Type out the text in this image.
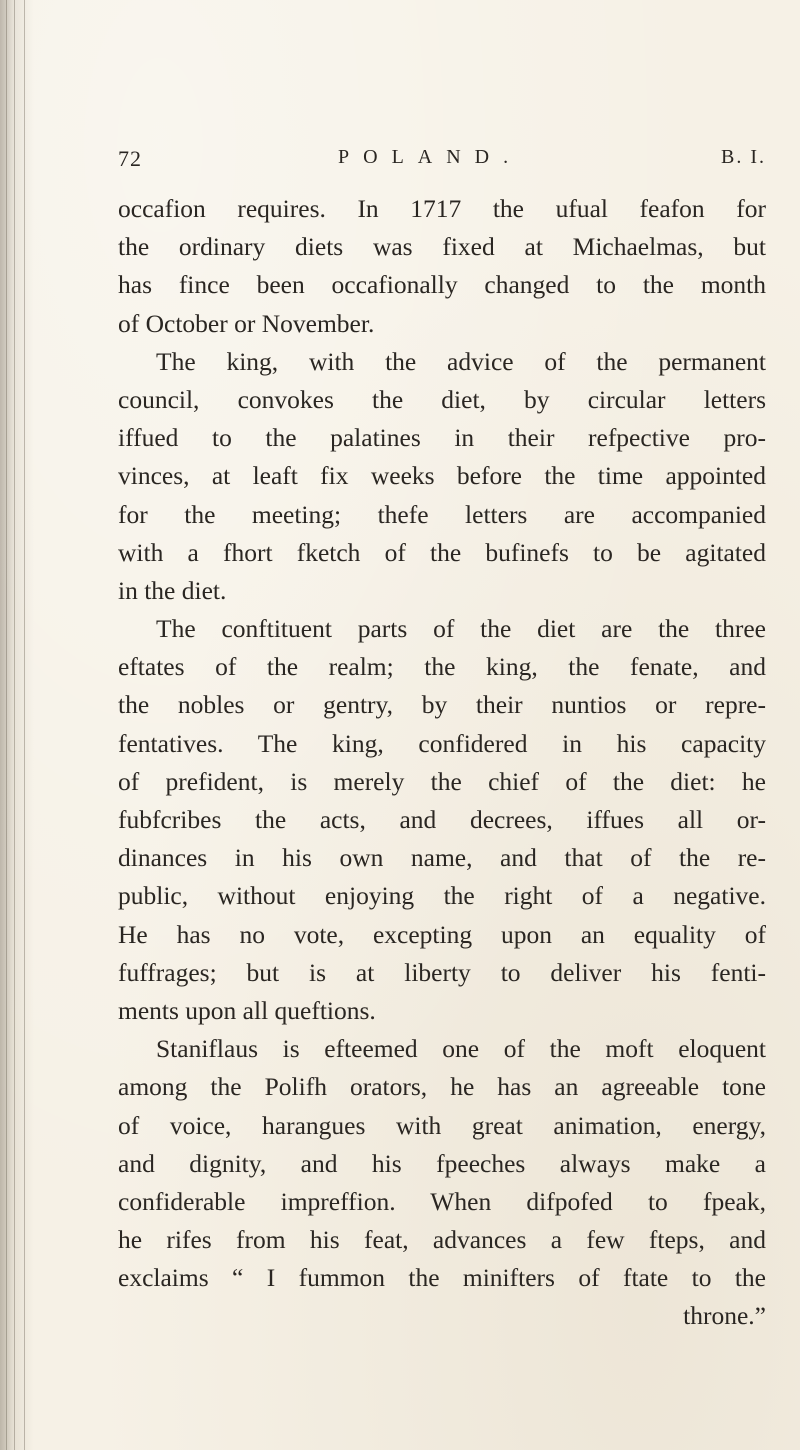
72	POLAND.	B. I.
occafion requires. In 1717 the ufual feafon for
the ordinary diets was fixed at Michaelmas, but
has fince been occafionally changed to the month
of October or November.
The king, with the advice of the permanent
council, convokes the diet, by circular letters
iffued to the palatines in their refpective pro-
vinces, at leaft fix weeks before the time appointed
for the meeting; thefe letters are accompanied
with a fhort fketch of the bufinefs to be agitated
in the diet.
The conftituent parts of the diet are the three
eftates of the realm; the king, the fenate, and
the nobles or gentry, by their nuntios or repre-
fentatives. The king, confidered in his capacity
of prefident, is merely the chief of the diet: he
fubfcribes the acts, and decrees, iffues all or-
dinances in his own name, and that of the re-
public, without enjoying the right of a negative.
He has no vote, excepting upon an equality of
fuffrages; but is at liberty to deliver his fenti-
ments upon all queftions.
Staniflaus is efteemed one of the moft eloquent
among the Polifh orators, he has an agreeable tone
of voice, harangues with great animation, energy,
and dignity, and his fpeeches always make a
confiderable impreffion. When difpofed to fpeak,
he rifes from his feat, advances a few fteps, and
exclaims “ I fummon the minifters of ftate to the
throne.”
